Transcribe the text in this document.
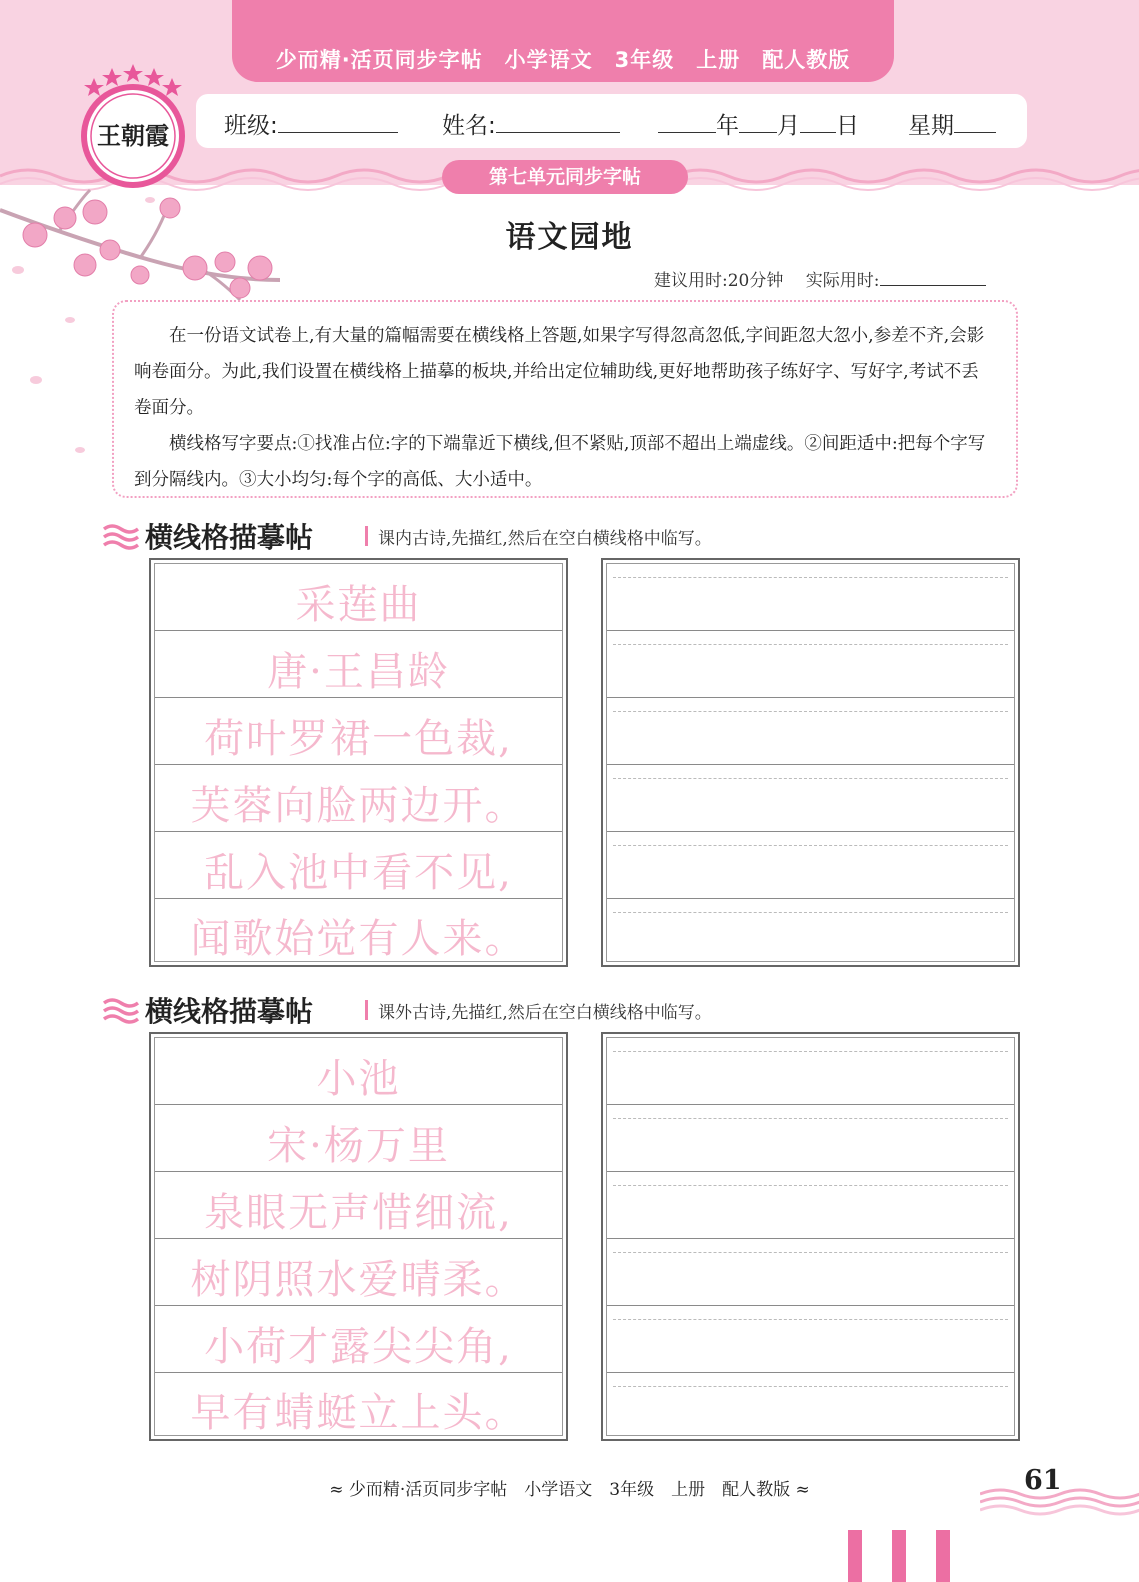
少而精·活页同步字帖　小学语文　3年级　上册　配人教版
班级:	姓名:	年 月 日 星期
第七单元同步字帖
王朝霞
语文园地
建议用时:20分钟　 实际用时:

在一份语文试卷上,有大量的篇幅需要在横线格上答题,如果字写得忽高忽低,字间距忽大忽小,参差不齐,会影响卷面分。为此,我们设置在横线格上描摹的板块,并给出定位辅助线,更好地帮助孩子练好字、写好字,考试不丢卷面分。

横线格写字要点:①找准占位:字的下端靠近下横线,但不紧贴,顶部不超出上端虚线。②间距适中:把每个字写到分隔线内。③大小均匀:每个字的高低、大小适中。

横线格描摹帖	课内古诗,先描红,然后在空白横线格中临写。
采莲曲
唐·王昌龄
荷叶罗裙一色裁,
芙蓉向脸两边开。
乱入池中看不见,
闻歌始觉有人来。
横线格描摹帖	课外古诗,先描红,然后在空白横线格中临写。
小池
宋·杨万里
泉眼无声惜细流,
树阴照水爱晴柔。
小荷才露尖尖角,
早有蜻蜓立上头。
≈ 少而精·活页同步字帖　小学语文　3年级　上册　配人教版 ≈	61
